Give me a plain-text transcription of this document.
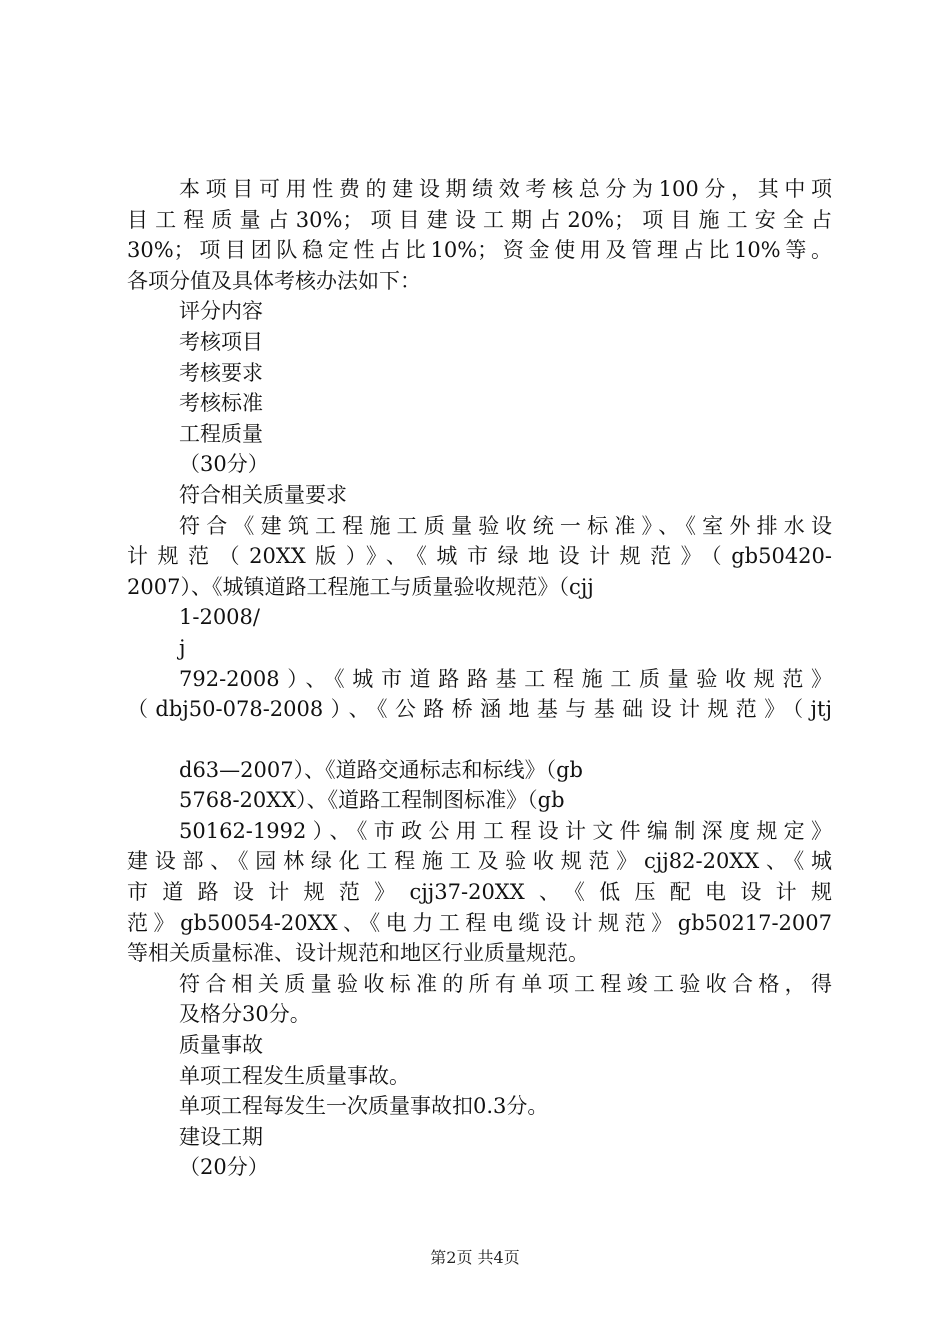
本项目可用性费的建设期绩效考核总分为100分，其中项
目工程质量占30%；项目建设工期占20%；项目施工安全占
30%；项目团队稳定性占比10%；资金使用及管理占比10%等。
各项分值及具体考核办法如下：
评分内容
考核项目
考核要求
考核标准
工程质量
（30分）
符合相关质量要求
符合《建筑工程施工质量验收统一标准》、《室外排水设
计规范（20XX版）》、《城市绿地设计规范》（gb50420-
2007）、《城镇道路工程施工与质量验收规范》（cjj
1-2008/
j
792-2008）、《城市道路路基工程施工质量验收规范》
（dbj50-078-2008）、《公路桥涵地基与基础设计规范》（jtj
d63—2007）、《道路交通标志和标线》（gb
5768-20XX）、《道路工程制图标准》（gb
50162-1992）、《市政公用工程设计文件编制深度规定》
建设部、《园林绿化工程施工及验收规范》cjj82-20XX、《城
市道路设计规范》cjj37-20XX、《低压配电设计规
范》gb50054-20XX、《电力工程电缆设计规范》gb50217-2007
等相关质量标准、设计规范和地区行业质量规范。
符合相关质量验收标准的所有单项工程竣工验收合格，得
及格分30分。
质量事故
单项工程发生质量事故。
单项工程每发生一次质量事故扣0.3分。
建设工期
（20分）
第2页 共4页
